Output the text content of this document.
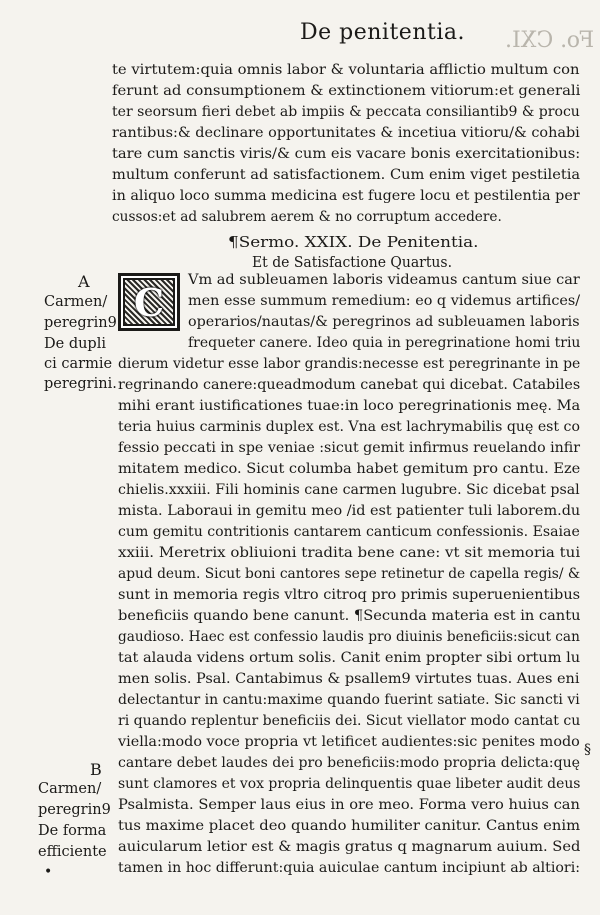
Fo. CXI.
De penitentia.
te virtutem:quia omnis labor & voluntaria afflictio multum con
ferunt ad consumptionem & extinctionem vitiorum:et generali
ter seorsum fieri debet ab impiis & peccata consiliantib9 & procu
rantibus:& declinare opportunitates & incetiua vitioru/& cohabi
tare cum sanctis viris/& cum eis vacare bonis exercitationibus:
multum conferunt ad satisfactionem. Cum enim viget pestiletia
in aliquo loco summa medicina est fugere locu et pestilentia per
cussos:et ad salubrem aerem & no corruptum accedere.
¶Sermo. XXIX. De Penitentia.
Et de Satisfactione Quartus.
C	Vm ad subleuamen laboris videamus cantum siue car
men esse summum remedium: eo q videmus artifices/
operarios/nautas/& peregrinos ad subleuamen laboris
frequeter canere. Ideo quia in peregrinatione homi triu
dierum videtur esse labor grandis:necesse est peregrinante in pe
regrinando canere:queadmodum canebat qui dicebat. Catabiles
mihi erant iustificationes tuae:in loco peregrinationis meę. Ma
teria huius carminis duplex est. Vna est lachrymabilis quę est co
fessio peccati in spe veniae :sicut gemit infirmus reuelando infir
mitatem medico. Sicut columba habet gemitum pro cantu. Eze
chielis.xxxiii. Fili hominis cane carmen lugubre. Sic dicebat psal
mista. Laboraui in gemitu meo /id est patienter tuli laborem.du
cum gemitu contritionis cantarem canticum confessionis. Esaiae
xxiii. Meretrix obliuioni tradita bene cane: vt sit memoria tui
apud deum. Sicut boni cantores sepe retinetur de capella regis/ &
sunt in memoria regis vltro citroq pro primis superuenientibus
beneficiis quando bene canunt. ¶Secunda materia est in cantu
gaudioso. Haec est confessio laudis pro diuinis beneficiis:sicut can
tat alauda videns ortum solis. Canit enim propter sibi ortum lu
men solis. Psal. Cantabimus & psallem9 virtutes tuas. Aues eni
delectantur in cantu:maxime quando fuerint satiate. Sic sancti vi
ri quando replentur beneficiis dei. Sicut viellator modo cantat cu
viella:modo voce propria vt letificet audientes:sic penites modo
cantare debet laudes dei pro beneficiis:modo propria delicta:quę
sunt clamores et vox propria delinquentis quae libeter audit deus
Psalmista. Semper laus eius in ore meo. Forma vero huius can
tus maxime placet deo quando humiliter canitur. Cantus enim
auicularum letior est & magis gratus q magnarum auium. Sed
tamen in hoc differunt:quia auiculae cantum incipiunt ab altiori:
A
Carmen/
peregrin9
De dupli
ci carmie
peregrini.
B
Carmen/
peregrin9
De forma
efficiente
•
§
